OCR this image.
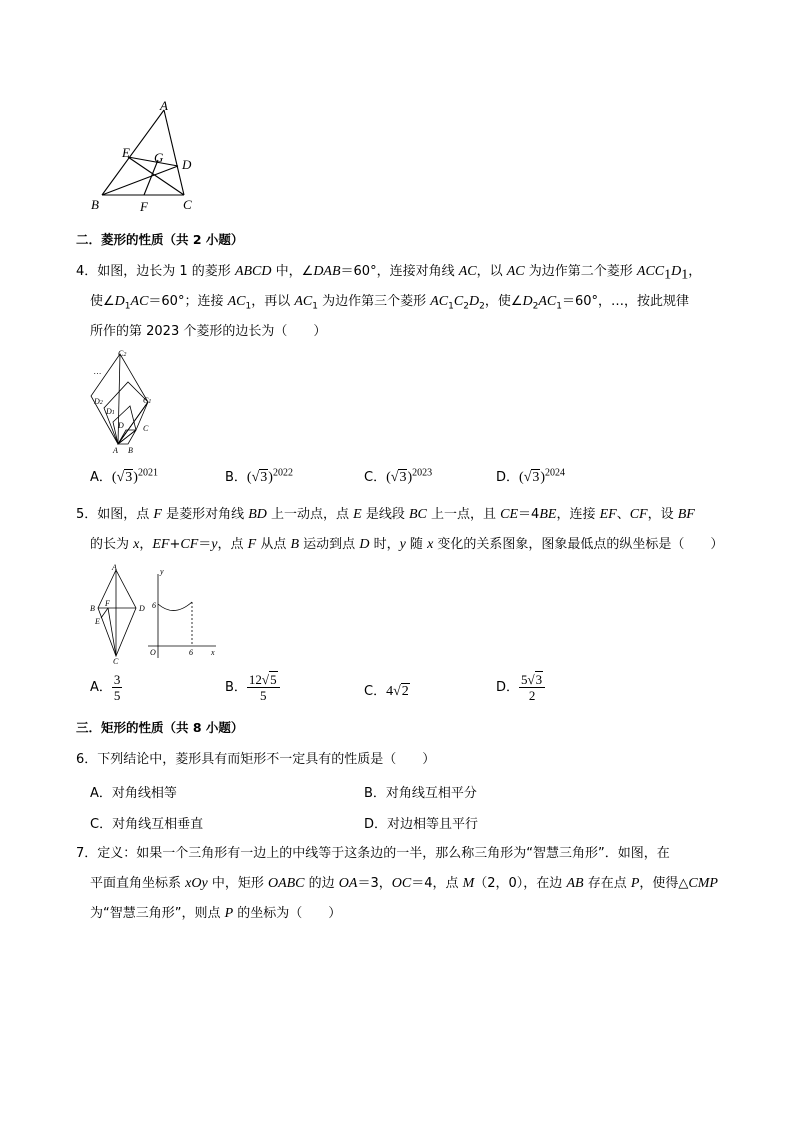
A
E G D
B	F	C
二．菱形的性质（共 2 小题）
4．如图，边长为 1 的菱形 ABCD 中，∠DAB＝60°，连接对角线 AC，以 AC 为边作第二个菱形 $ACC_1D_1$，
使$\angle D_1AC=60^\circ$；连接 $AC_1$，再以 $AC_1$ 为边作第三个菱形 $AC_1C_2D_2$，使$\angle D_2AC_1=60^\circ$，…，按此规律
所作的第 2023 个菱形的边长为（　　）
C2
…
D2	C1
D1
D C
A B
A．$(√3)^{2021}$	B．$(√3)^{2022}$	C．$(√3)^{2023}$	D．$(√3)^{2024}$
5．如图，点 F 是菱形对角线 BD 上一动点，点 E 是线段 BC 上一点，且 CE＝4BE，连接 EF、CF，设 BF
的长为 x，EF+CF＝y，点 F 从点 B 运动到点 D 时，y 随 x 变化的关系图象，图象最低点的纵坐标是（　　）
A
B
F
D
E
C
y
6
O	6 x
A． $\frac{3}{5}$	B． $\frac{12√5}{5}$	C．4√2	D． $\frac{5√3}{2}$
三．矩形的性质（共 8 小题）
6．下列结论中，菱形具有而矩形不一定具有的性质是（　　）
A．对角线相等	B．对角线互相平分
C．对角线互相垂直	D．对边相等且平行
7．定义：如果一个三角形有一边上的中线等于这条边的一半，那么称三角形为“智慧三角形”．如图，在
平面直角坐标系 xOy 中，矩形 OABC 的边 OA＝3，OC＝4，点 M（2，0），在边 AB 存在点 P，使得△CMP
为“智慧三角形”，则点 P 的坐标为（　　）
